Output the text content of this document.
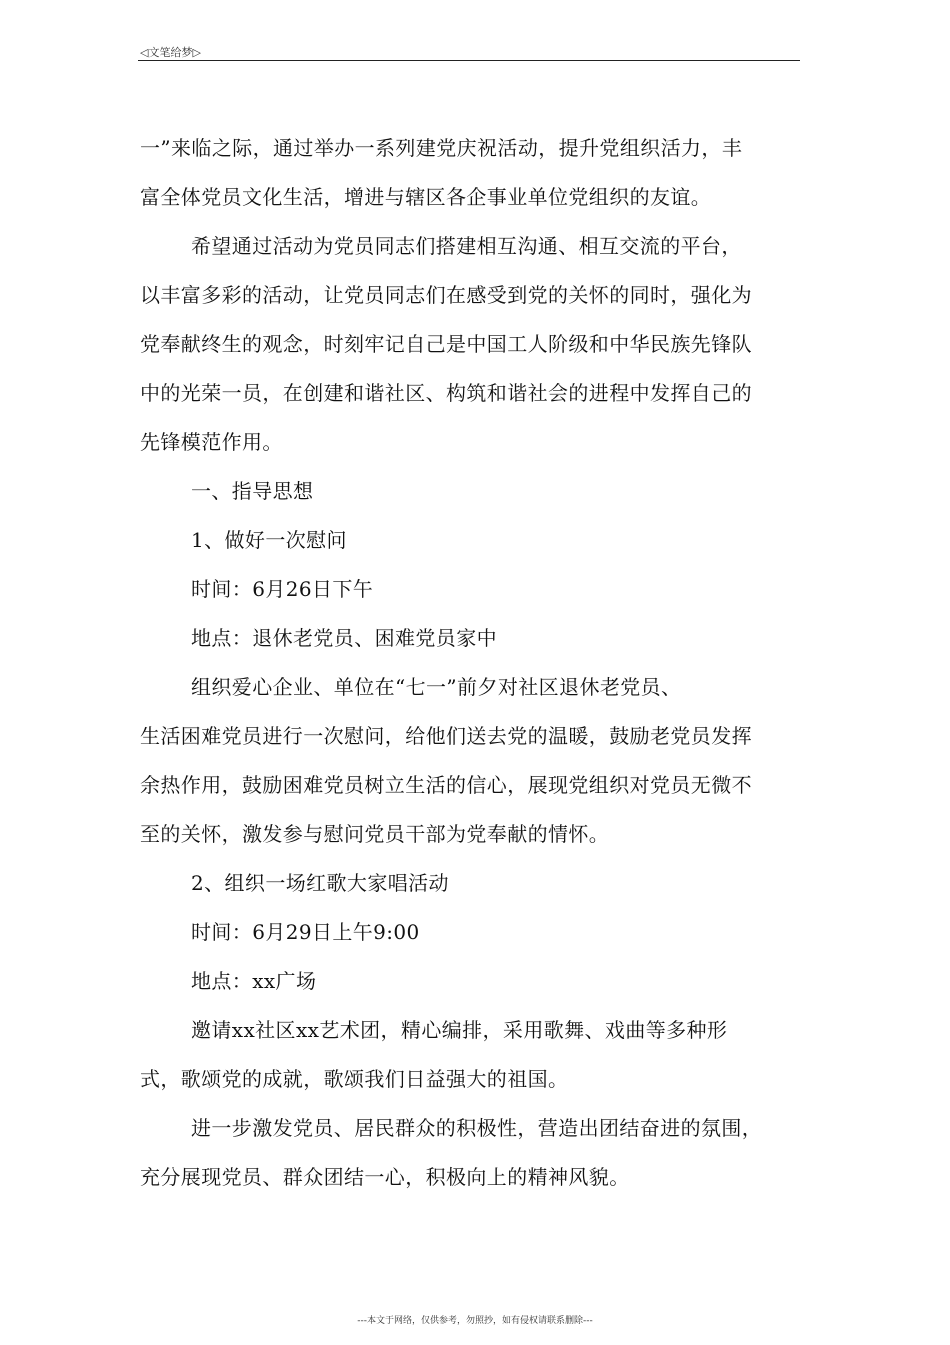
◁文笔给梦▷
一”来临之际，通过举办一系列建党庆祝活动，提升党组织活力，丰
富全体党员文化生活，增进与辖区各企事业单位党组织的友谊。
希望通过活动为党员同志们搭建相互沟通、相互交流的平台，
以丰富多彩的活动，让党员同志们在感受到党的关怀的同时，强化为
党奉献终生的观念，时刻牢记自己是中国工人阶级和中华民族先锋队
中的光荣一员，在创建和谐社区、构筑和谐社会的进程中发挥自己的
先锋模范作用。
一、指导思想
1、做好一次慰问
时间：6月26日下午
地点：退休老党员、困难党员家中
组织爱心企业、单位在“七一”前夕对社区退休老党员、
生活困难党员进行一次慰问，给他们送去党的温暖，鼓励老党员发挥
余热作用，鼓励困难党员树立生活的信心，展现党组织对党员无微不
至的关怀，激发参与慰问党员干部为党奉献的情怀。
2、组织一场红歌大家唱活动
时间：6月29日上午9:00
地点：xx广场
邀请xx社区xx艺术团，精心编排，采用歌舞、戏曲等多种形
式，歌颂党的成就，歌颂我们日益强大的祖国。
进一步激发党员、居民群众的积极性，营造出团结奋进的氛围，
充分展现党员、群众团结一心，积极向上的精神风貌。
---本文于网络，仅供参考，勿照抄，如有侵权请联系删除---
